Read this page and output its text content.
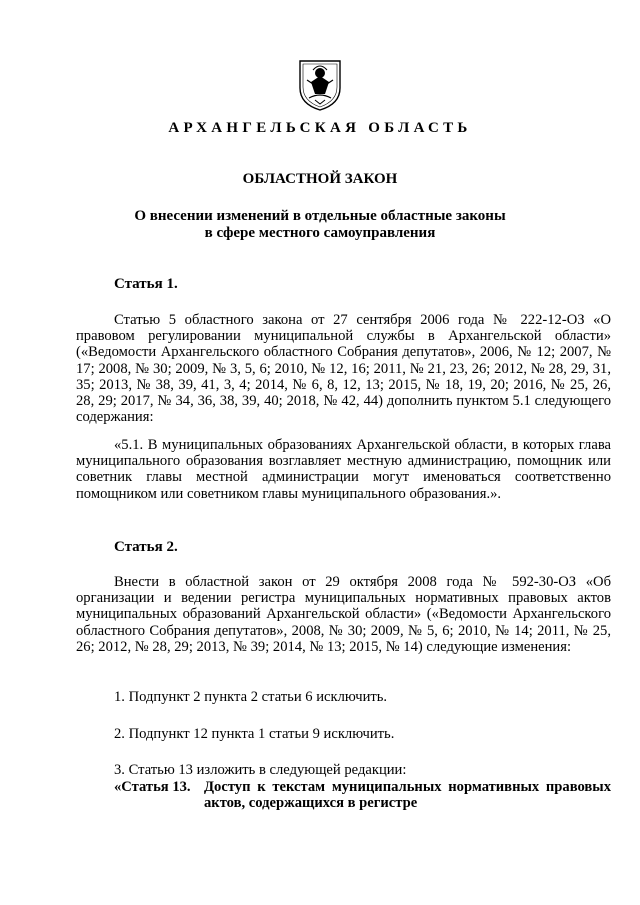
АРХАНГЕЛЬСКАЯ ОБЛАСТЬ
ОБЛАСТНОЙ ЗАКОН
О внесении изменений в отдельные областные законы
в сфере местного самоуправления
Статья 1.

Статью 5 областного закона от 27 сентября 2006 года № 222-12-ОЗ «О правовом регулировании муниципальной службы в Архангельской области» («Ведомости Архангельского областного Собрания депутатов», 2006, № 12; 2007, № 17; 2008, № 30; 2009, № 3, 5, 6; 2010, № 12, 16; 2011, № 21, 23, 26; 2012, № 28, 29, 31, 35; 2013, № 38, 39, 41, 3, 4; 2014, № 6, 8, 12, 13; 2015, № 18, 19, 20; 2016, № 25, 26, 28, 29; 2017, № 34, 36, 38, 39, 40; 2018, № 42, 44) дополнить пунктом 5.1 следующего содержания:

«5.1. В муниципальных образованиях Архангельской области, в которых глава муниципального образования возглавляет местную администрацию, помощник или советник главы местной администрации могут именоваться соответственно помощником или советником главы муниципального образования.».

Статья 2.

Внести в областной закон от 29 октября 2008 года № 592-30-ОЗ «Об организации и ведении регистра муниципальных нормативных правовых актов муниципальных образований Архангельской области» («Ведомости Архангельского областного Собрания депутатов», 2008, № 30; 2009, № 5, 6; 2010, № 14; 2011, № 25, 26; 2012, № 28, 29; 2013, № 39; 2014, № 13; 2015, № 14) следующие изменения:

1. Подпункт 2 пункта 2 статьи 6 исключить.

2. Подпункт 12 пункта 1 статьи 9 исключить.

3. Статью 13 изложить в следующей редакции:

«Статья 13. Доступ к текстам муниципальных нормативных правовых актов, содержащихся в регистре
